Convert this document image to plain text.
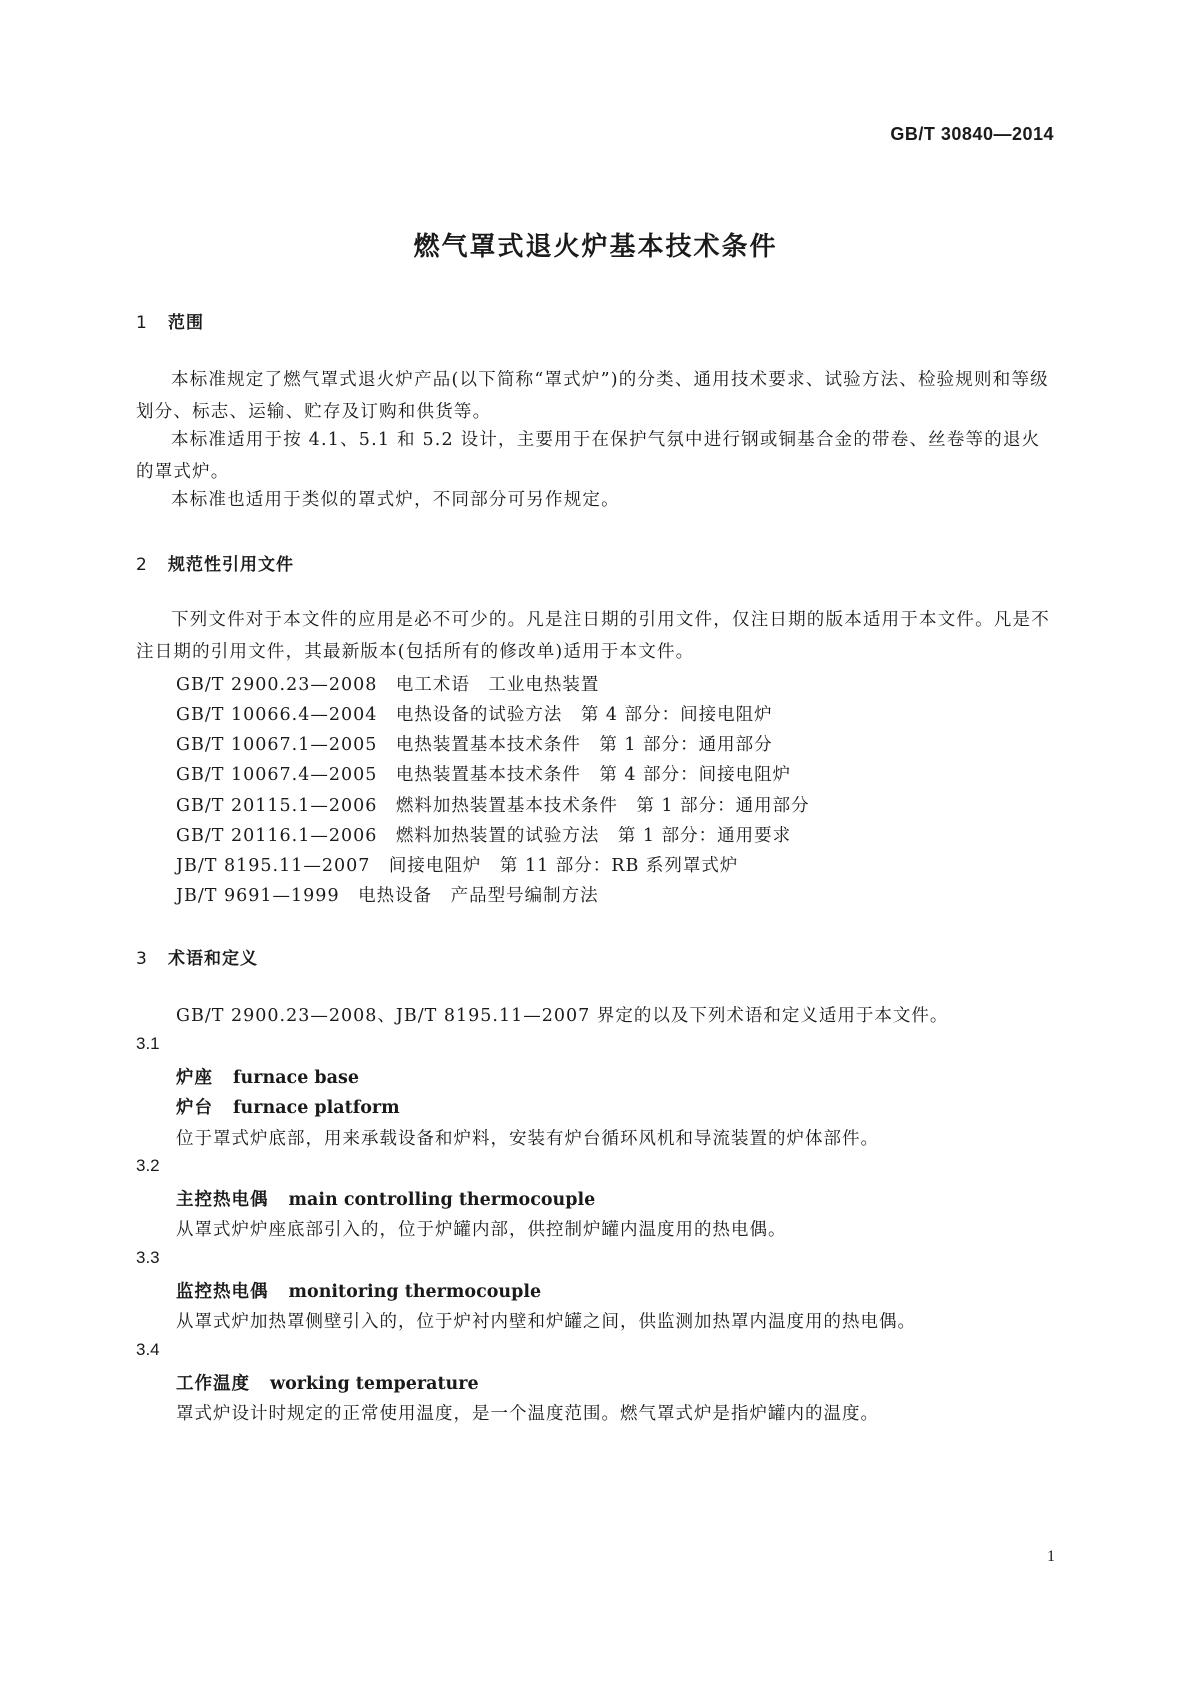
GB/T 30840—2014
燃气罩式退火炉基本技术条件
1 范围
本标准规定了燃气罩式退火炉产品(以下简称“罩式炉”)的分类、通用技术要求、试验方法、检验规则和等级划分、标志、运输、贮存及订购和供货等。
本标准适用于按 4.1、5.1 和 5.2 设计，主要用于在保护气氛中进行钢或铜基合金的带卷、丝卷等的退火的罩式炉。
本标准也适用于类似的罩式炉，不同部分可另作规定。
2 规范性引用文件
下列文件对于本文件的应用是必不可少的。凡是注日期的引用文件，仅注日期的版本适用于本文件。凡是不注日期的引用文件，其最新版本(包括所有的修改单)适用于本文件。
GB/T 2900.23—2008　电工术语　工业电热装置
GB/T 10066.4—2004　电热设备的试验方法　第 4 部分：间接电阻炉
GB/T 10067.1—2005　电热装置基本技术条件　第 1 部分：通用部分
GB/T 10067.4—2005　电热装置基本技术条件　第 4 部分：间接电阻炉
GB/T 20115.1—2006　燃料加热装置基本技术条件　第 1 部分：通用部分
GB/T 20116.1—2006　燃料加热装置的试验方法　第 1 部分：通用要求
JB/T 8195.11—2007　间接电阻炉　第 11 部分：RB 系列罩式炉
JB/T 9691—1999　电热设备　产品型号编制方法
3 术语和定义
GB/T 2900.23—2008、JB/T 8195.11—2007 界定的以及下列术语和定义适用于本文件。
3.1
炉座 furnace base
炉台 furnace platform
位于罩式炉底部，用来承载设备和炉料，安装有炉台循环风机和导流装置的炉体部件。
3.2
主控热电偶 main controlling thermocouple
从罩式炉炉座底部引入的，位于炉罐内部，供控制炉罐内温度用的热电偶。
3.3
监控热电偶 monitoring thermocouple
从罩式炉加热罩侧壁引入的，位于炉衬内壁和炉罐之间，供监测加热罩内温度用的热电偶。
3.4
工作温度 working temperature
罩式炉设计时规定的正常使用温度，是一个温度范围。燃气罩式炉是指炉罐内的温度。
1
